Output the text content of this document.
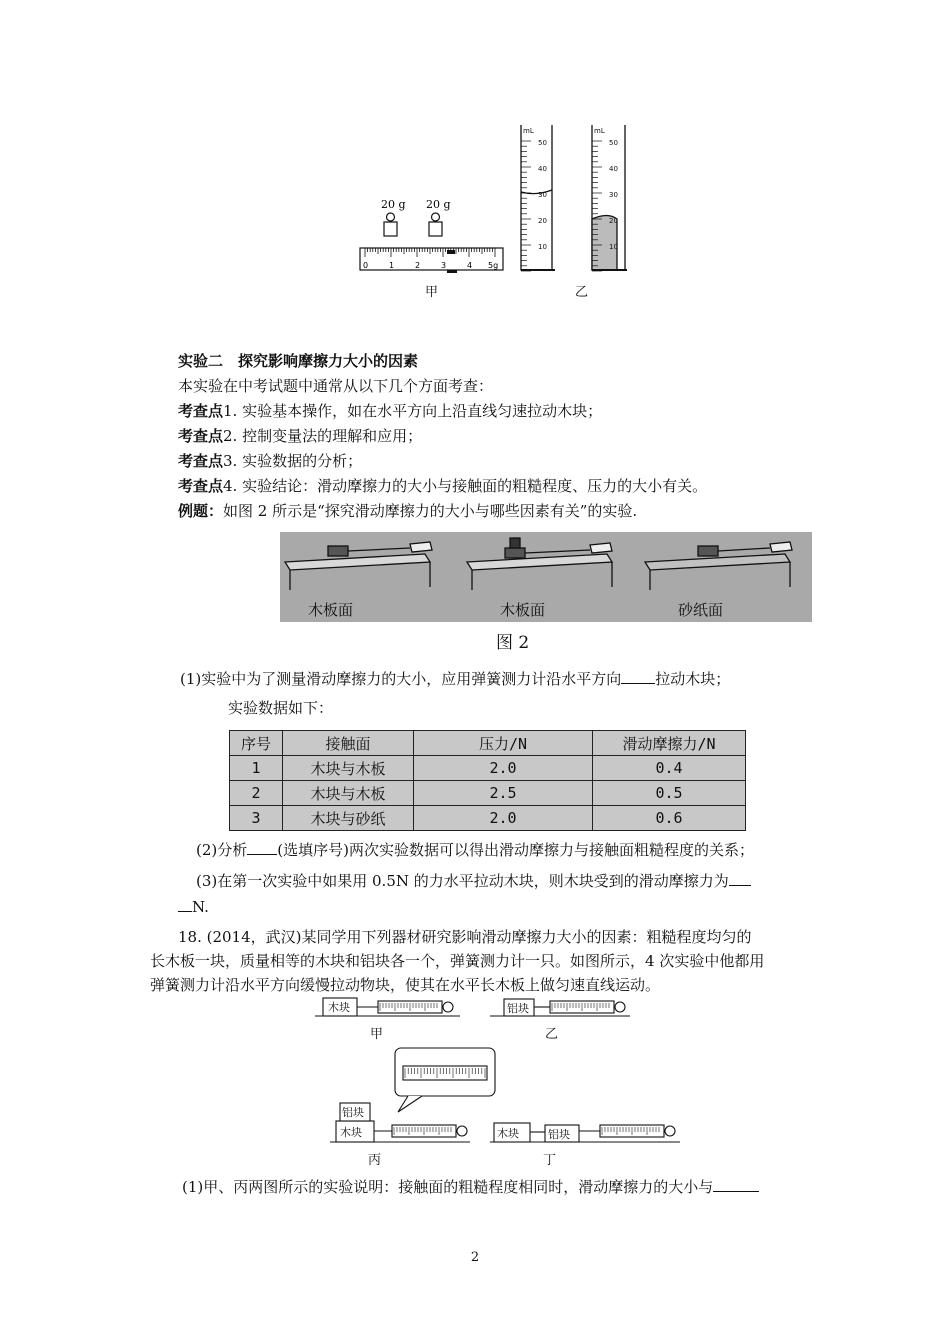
20 g 20 g
0	1	2	3	4 5g
mL	mL
50
40
30
20
10
50
40
30
20
10
甲	乙
实验二　探究影响摩擦力大小的因素
本实验在中考试题中通常从以下几个方面考查：
考查点1. 实验基本操作，如在水平方向上沿直线匀速拉动木块；
考查点2. 控制变量法的理解和应用；
考查点3. 实验数据的分析；
考查点4. 实验结论：滑动摩擦力的大小与接触面的粗糙程度、压力的大小有关。
例题：如图 2 所示是“探究滑动摩擦力的大小与哪些因素有关”的实验.
木板面	木板面	砂纸面
图 2
(1)实验中为了测量滑动摩擦力的大小，应用弹簧测力计沿水平方向 拉动木块；
实验数据如下：
序号	接触面	压力/N	滑动摩擦力/N
1	木块与木板	2.0	0.4
2	木块与木板	2.5	0.5
3	木块与砂纸	2.0	0.6
(2)分析 (选填序号)两次实验数据可以得出滑动摩擦力与接触面粗糙程度的关系；
(3)在第一次实验中如果用 0.5N 的力水平拉动木块，则木块受到的滑动摩擦力为
N.
18. (2014，武汉)某同学用下列器材研究影响滑动摩擦力大小的因素：粗糙程度均匀的
长木板一块，质量相等的木块和铝块各一个，弹簧测力计一只。如图所示，4 次实验中他都用
弹簧测力计沿水平方向缓慢拉动物块，使其在水平长木板上做匀速直线运动。
木块	铝块
铝块
木块	木块	铝块
甲	乙
丙	丁
(1)甲、丙两图所示的实验说明：接触面的粗糙程度相同时，滑动摩擦力的大小与
2
